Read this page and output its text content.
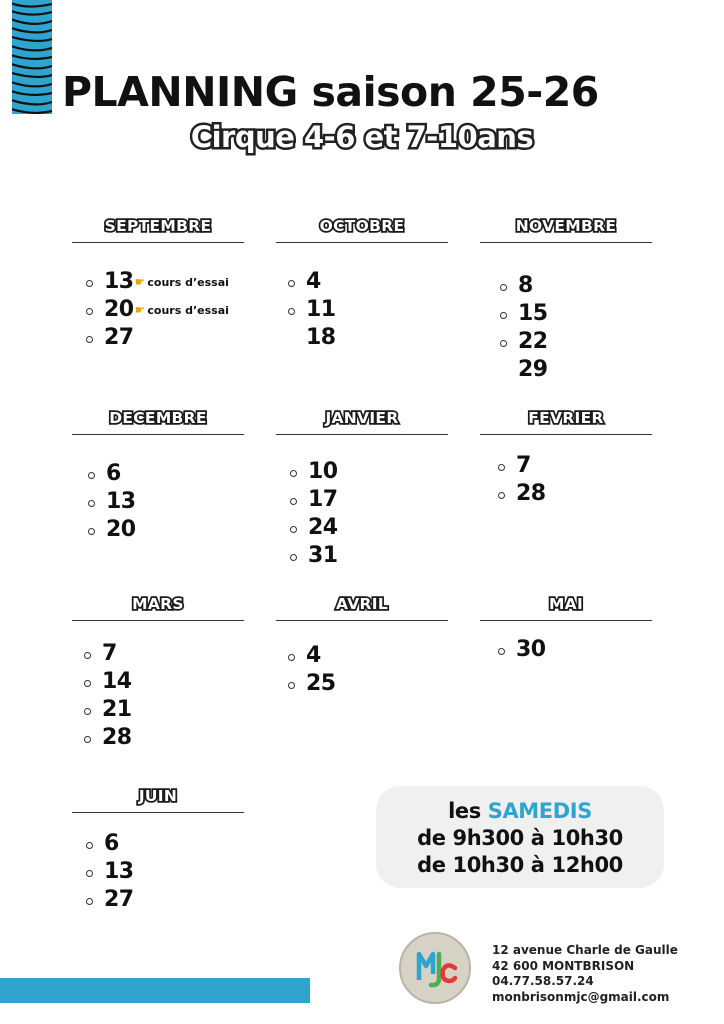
PLANNING saison 25-26
Cirque 4-6 et 7-10ans
SEPTEMBRE
13☛ cours d’essai
20☛ cours d’essai
27
OCTOBRE
4
11
18
NOVEMBRE
8
15
22
29
DECEMBRE
6
13
20
JANVIER
10
17
24
31
FEVRIER
7
28
MARS
7
14
21
28
AVRIL
4
25
MAI
30
JUIN
6
13
27
les SAMEDIS
de 9h300 à 10h30
de 10h30 à 12h00
12 avenue Charle de Gaulle
42 600 MONTBRISON
04.77.58.57.24
monbrisonmjc@gmail.com
